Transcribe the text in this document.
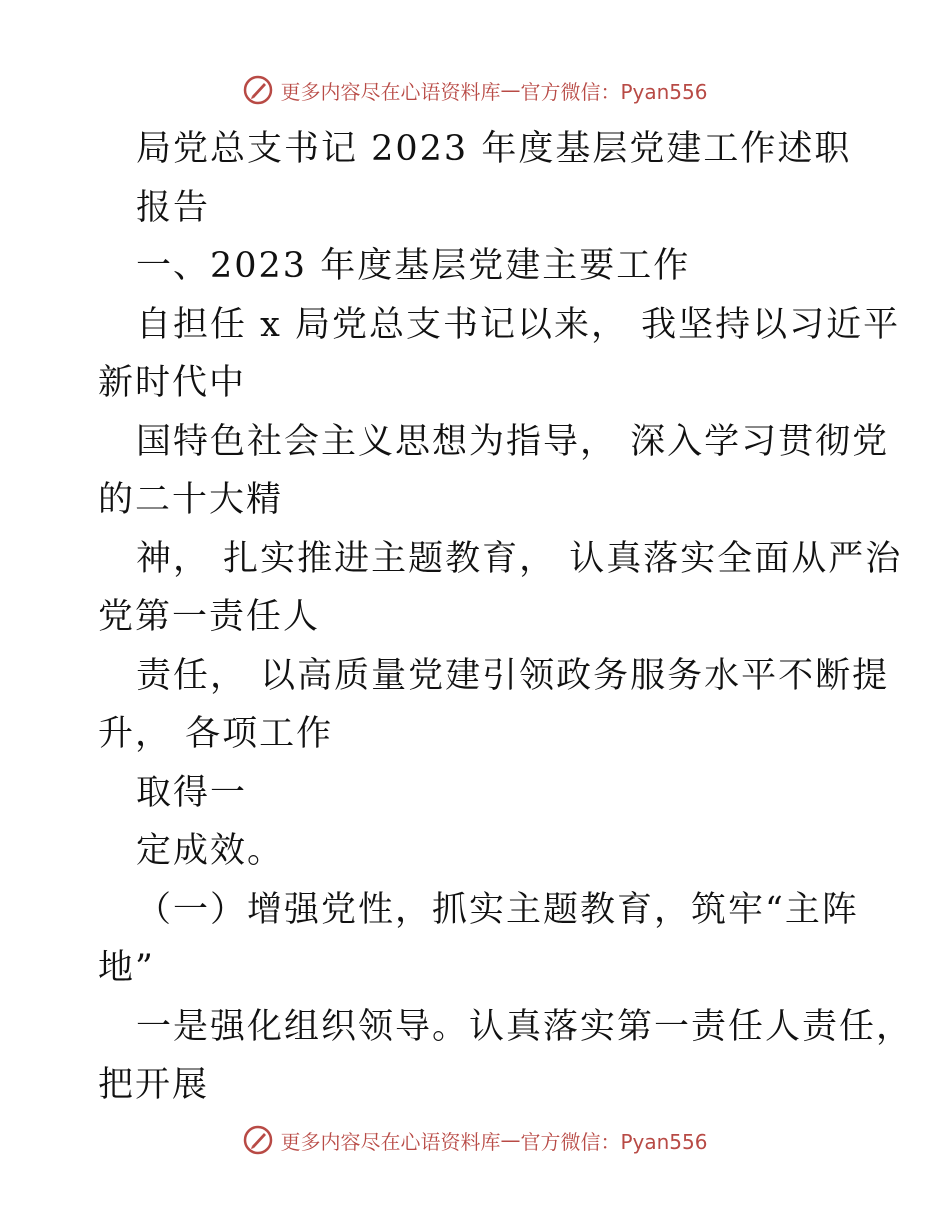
更多内容尽在心语资料库 — 官方微信：Pyan556
局党总支书记 2023 年度基层党建工作述职
报告
一、2023 年度基层党建主要工作
自担任 x 局党总支书记以来， 我坚持以习近平
新时代中
国特色社会主义思想为指导， 深入学习贯彻党
的二十大精
神， 扎实推进主题教育， 认真落实全面从严治
党第一责任人
责任， 以高质量党建引领政务服务水平不断提
升， 各项工作
取得一
定成效。
（一）增强党性，抓实主题教育，筑牢“主阵
地”
一是强化组织领导。认真落实第一责任人责任，
把开展
更多内容尽在心语资料库 — 官方微信：Pyan556
